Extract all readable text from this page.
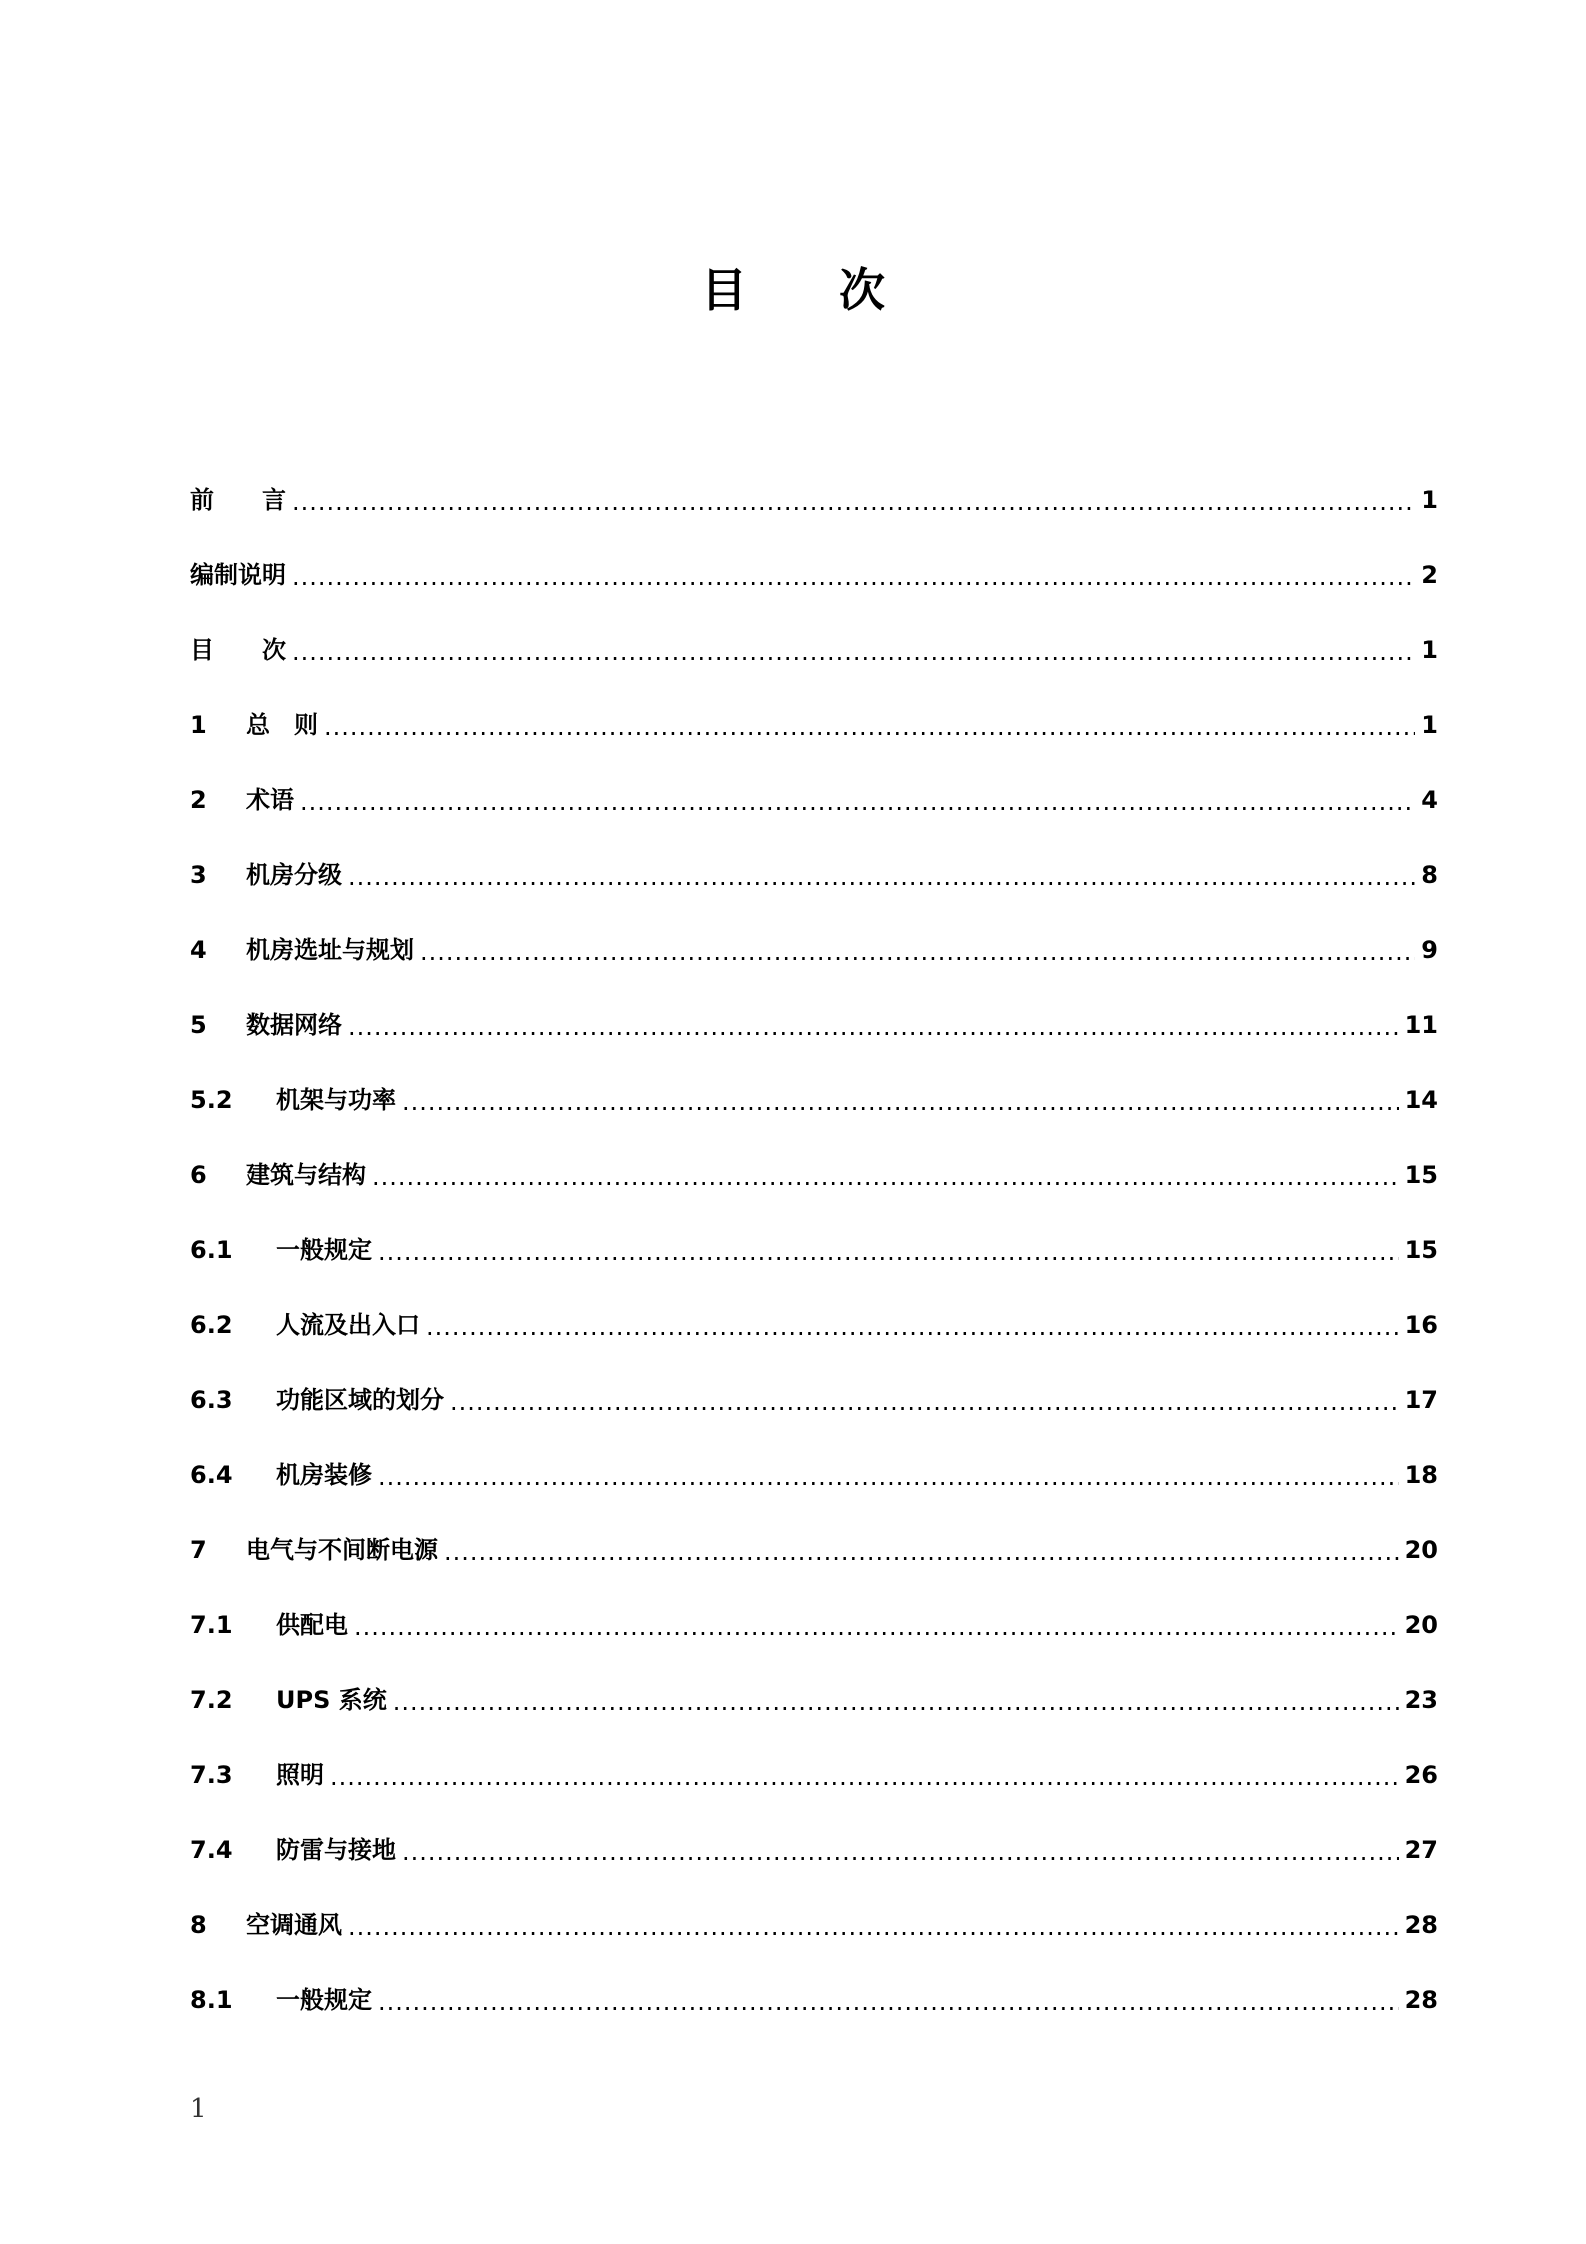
目　　次
前　　言 .....	1
编制说明 .....	2
目　　次 .....	1
1	总　则 .....	1
2	术语 .....	4
3	机房分级 .....	8
4	机房选址与规划 .....	9
5	数据网络 .....	11
5.2	机架与功率 .....	14
6	建筑与结构 .....	15
6.1	一般规定 .....	15
6.2	人流及出入口 .....	16
6.3	功能区域的划分 .....	17
6.4	机房装修 .....	18
7	电气与不间断电源 .....	20
7.1	供配电 .....	20
7.2	UPS 系统 .....	23
7.3	照明 .....	26
7.4	防雷与接地 .....	27
8	空调通风 .....	28
8.1	一般规定 .....	28
1
